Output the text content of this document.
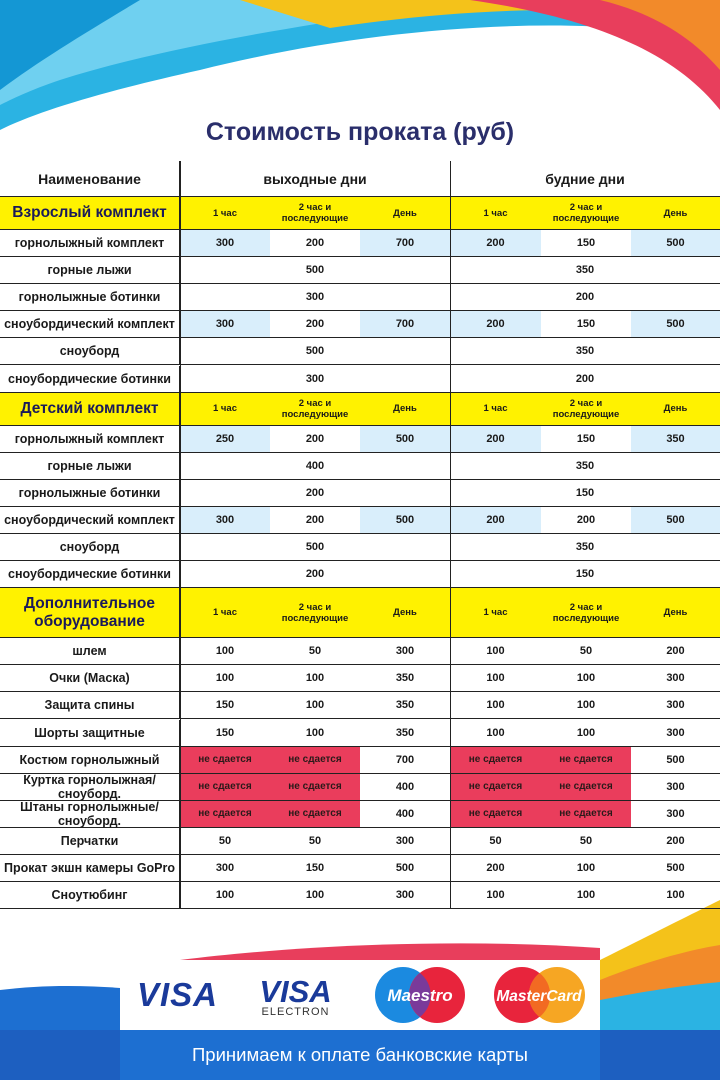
Стоимость проката (руб)
Наименование	выходные дни	будние дни
Взрослый комплект	1 час	2 час и последующие	День	1 час	2 час и последующие	День
горнолыжный комплект	300	200	700	200	150	500
горные лыжи	500	350
горнолыжные ботинки	300	200
сноубордический комплект	300	200	700	200	150	500
сноуборд	500	350
сноубордические ботинки	300	200
Детский комплект	1 час	2 час и последующие	День	1 час	2 час и последующие	День
горнолыжный комплект	250	200	500	200	150	350
горные лыжи	400	350
горнолыжные ботинки	200	150
сноубордический комплект	300	200	500	200	200	500
сноуборд	500	350
сноубордические ботинки	200	150
Дополнительное оборудование	1 час	2 час и последующие	День	1 час	2 час и последующие	День
шлем	100	50	300	100	50	200
Очки (Маска)	100	100	350	100	100	300
Защита спины	150	100	350	100	100	300
Шорты защитные	150	100	350	100	100	300
Костюм горнолыжный	не сдается	не сдается	700	не сдается	не сдается	500
Куртка горнолыжная/сноуборд.	не сдается	не сдается	400	не сдается	не сдается	300
Штаны горнолыжные/сноуборд.	не сдается	не сдается	400	не сдается	не сдается	300
Перчатки	50	50	300	50	50	200
Прокат экшн камеры GoPro	300	150	500	200	100	500
Сноутюбинг	100	100	300	100	100	100
VISA	VISA
ELECTRON
Maestro	MasterCard
Принимаем к оплате банковские карты
